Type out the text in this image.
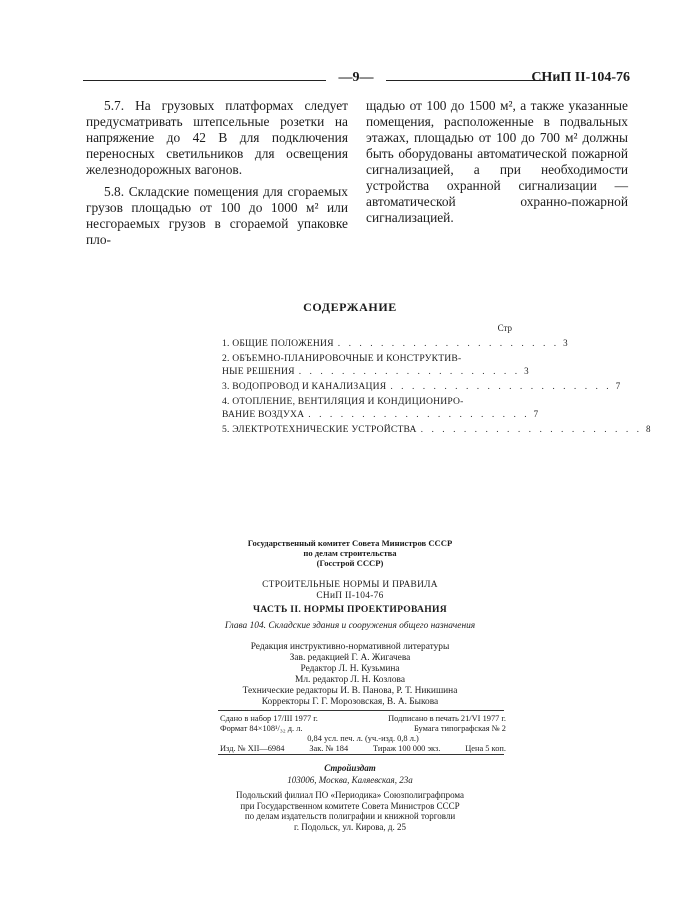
—9—	СНиП II-104-76

5.7. На грузовых платформах следует предусматривать штепсельные розетки на напряжение до 42 В для подключения переносных светильников для освещения железнодорожных вагонов.

5.8. Складские помещения для сгораемых грузов площадью от 100 до 1000 м² или несгораемых грузов в сгораемой упаковке пло-

щадью от 100 до 1500 м², а также указанные помещения, расположенные в подвальных этажах, площадью от 100 до 700 м² должны быть оборудованы автоматической пожарной сигнализацией, а при необходимости устройства охранной сигнализации — автоматической охранно-пожарной сигнализацией.

СОДЕРЖАНИЕ
Стр
1. ОБЩИЕ ПОЛОЖЕНИЯ . . . . . . . . . . . . . . . . . . . . . 3
2. ОБЪЕМНО-ПЛАНИРОВОЧНЫЕ И КОНСТРУКТИВ-
НЫЕ РЕШЕНИЯ . . . . . . . . . . . . . . . . . . . . . 3
3. ВОДОПРОВОД И КАНАЛИЗАЦИЯ . . . . . . . . . . . . . . . . . . . . . 7
4. ОТОПЛЕНИЕ, ВЕНТИЛЯЦИЯ И КОНДИЦИОНИРО-
ВАНИЕ ВОЗДУХА . . . . . . . . . . . . . . . . . . . . . 7
5. ЭЛЕКТРОТЕХНИЧЕСКИЕ УСТРОЙСТВА . . . . . . . . . . . . . . . . . . . . . 8
Государственный комитет Совета Министров СССР
по делам строительства
(Госстрой СССР)
СТРОИТЕЛЬНЫЕ НОРМЫ И ПРАВИЛА
СНиП II-104-76
ЧАСТЬ II. НОРМЫ ПРОЕКТИРОВАНИЯ
Глава 104. Складские здания и сооружения общего назначения
Редакция инструктивно-нормативной литературы
Зав. редакцией Г. А. Жигачева
Редактор Л. Н. Кузьмина
Мл. редактор Л. Н. Козлова
Технические редакторы И. В. Панова, Р. Т. Никишина
Корректоры Г. Г. Морозовская, В. А. Быкова
Сдано в набор 17/III 1977 г.	Подписано в печать 21/VI 1977 г.
Формат 84×108¹/₃₂ д. л.	Бумага типографская № 2
0,84 усл. печ. л. (уч.-изд. 0,8 л.)
Изд. № XII—6984	Зак. № 184	Тираж 100 000 экз.	Цена 5 коп.
Стройиздат
103006, Москва, Каляевская, 23а
Подольский филиал ПО «Периодика» Союзполиграфпрома
при Государственном комитете Совета Министров СССР
по делам издательств полиграфии и книжной торговли
г. Подольск, ул. Кирова, д. 25
